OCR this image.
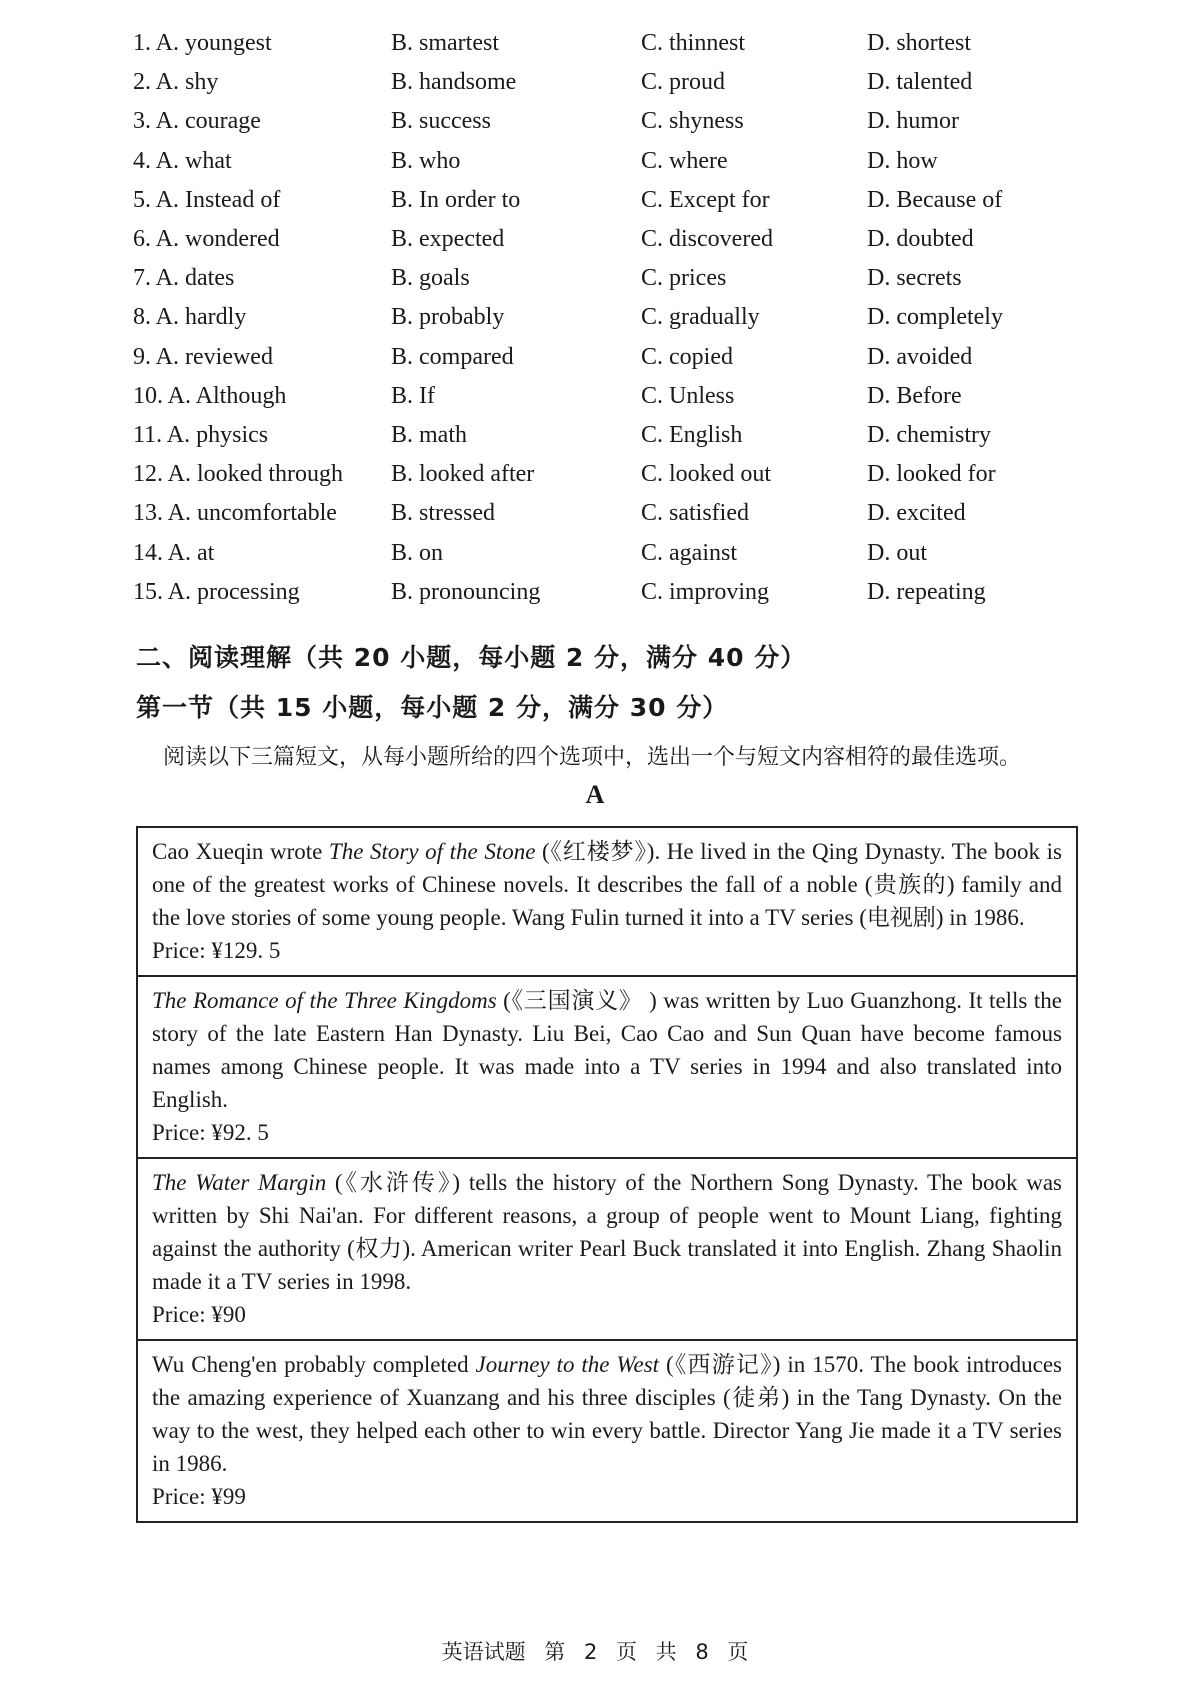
1. A. youngest	B. smartest	C. thinnest	D. shortest
2. A. shy	B. handsome	C. proud	D. talented
3. A. courage	B. success	C. shyness	D. humor
4. A. what	B. who	C. where	D. how
5. A. Instead of	B. In order to	C. Except for	D. Because of
6. A. wondered	B. expected	C. discovered	D. doubted
7. A. dates	B. goals	C. prices	D. secrets
8. A. hardly	B. probably	C. gradually	D. completely
9. A. reviewed	B. compared	C. copied	D. avoided
10. A. Although	B. If	C. Unless	D. Before
11. A. physics	B. math	C. English	D. chemistry
12. A. looked through	B. looked after	C. looked out	D. looked for
13. A. uncomfortable	B. stressed	C. satisfied	D. excited
14. A. at	B. on	C. against	D. out
15. A. processing	B. pronouncing	C. improving	D. repeating
二、阅读理解（共 20 小题，每小题 2 分，满分 40 分）
第一节（共 15 小题，每小题 2 分，满分 30 分）
阅读以下三篇短文，从每小题所给的四个选项中，选出一个与短文内容相符的最佳选项。
A
Cao Xueqin wrote The Story of the Stone (《红楼梦》). He lived in the Qing Dynasty. The book is one of the greatest works of Chinese novels. It describes the fall of a noble (贵族的) family and the love stories of some young people. Wang Fulin turned it into a TV series (电视剧) in 1986.
Price: ¥129. 5
The Romance of the Three Kingdoms (《三国演义》 ) was written by Luo Guanzhong. It tells the story of the late Eastern Han Dynasty. Liu Bei, Cao Cao and Sun Quan have become famous names among Chinese people. It was made into a TV series in 1994 and also translated into English.
Price: ¥92. 5
The Water Margin (《水浒传》) tells the history of the Northern Song Dynasty. The book was written by Shi Nai'an. For different reasons, a group of people went to Mount Liang, fighting against the authority (权力). American writer Pearl Buck translated it into English. Zhang Shaolin made it a TV series in 1998.
Price: ¥90
Wu Cheng'en probably completed Journey to the West (《西游记》) in 1570. The book introduces the amazing experience of Xuanzang and his three disciples (徒弟) in the Tang Dynasty. On the way to the west, they helped each other to win every battle. Director Yang Jie made it a TV series in 1986.
Price: ¥99
英语试题 第 2 页 共 8 页
